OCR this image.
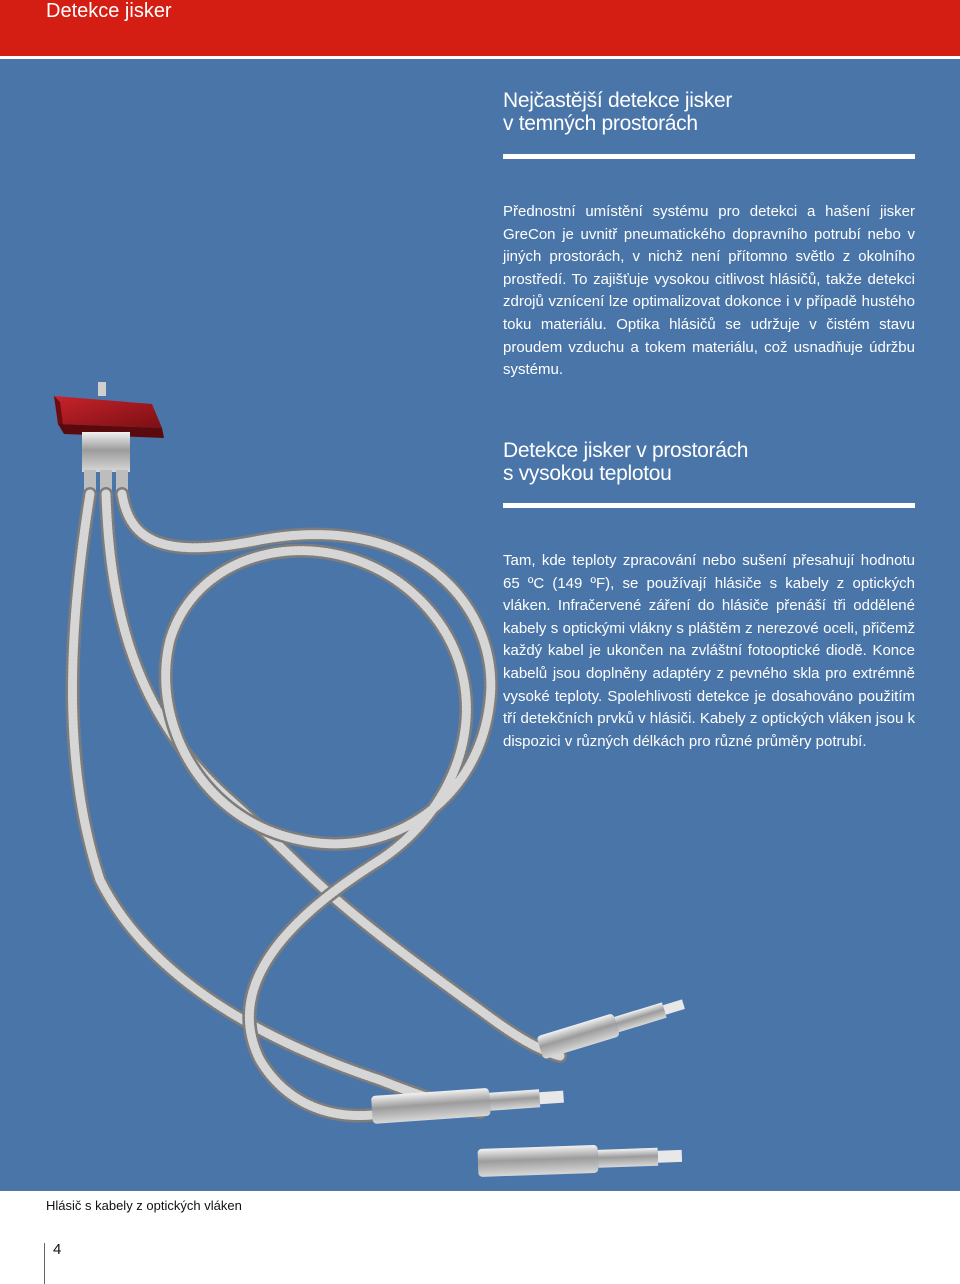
Detekce jisker
Nejčastější detekce jisker
v temných prostorách

Přednostní umístění systému pro detekci a hašení jisker GreCon je uvnitř pneumatického dopravního potrubí nebo v jiných prostorách, v nichž není přítomno světlo z okolního prostředí. To zajišťuje vysokou citlivost hlásičů, takže detekci zdrojů vznícení lze optimalizovat dokonce i v případě hustého toku materiálu. Optika hlásičů se udržuje v čistém stavu proudem vzduchu a tokem materiálu, což usnadňuje údržbu systému.

Detekce jisker v prostorách
s vysokou teplotou

Tam, kde teploty zpracování nebo sušení přesahují hodnotu 65 ºC (149 ºF), se používají hlásiče s kabely z optických vláken. Infračervené záření do hlásiče přenáší tři oddělené kabely s optickými vlákny s pláštěm z nerezové oceli, přičemž každý kabel je ukončen na zvláštní fotooptické diodě. Konce kabelů jsou doplněny adaptéry z pevného skla pro extrémně vysoké teploty. Spolehlivosti detekce je dosahováno použitím tří detekčních prvků v hlásiči. Kabely z optických vláken jsou k dispozici v různých délkách pro různé průměry potrubí.

Hlásič s kabely z optických vláken
4
